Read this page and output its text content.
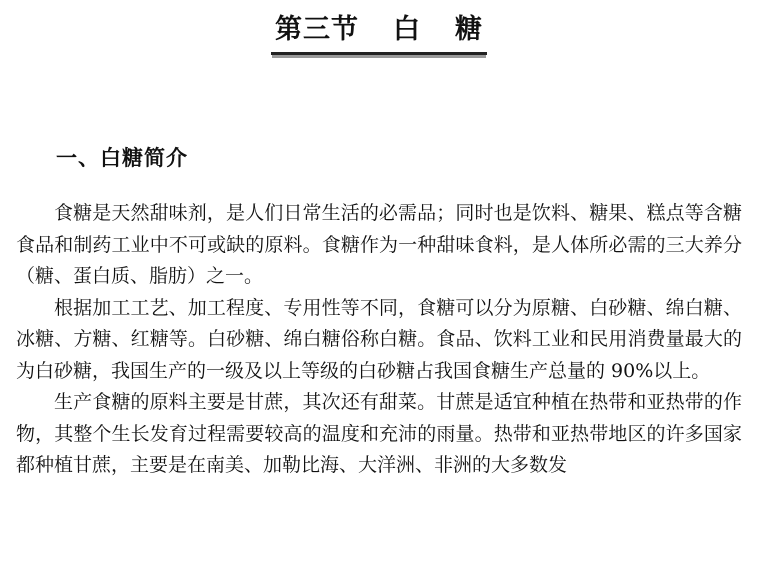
第三节 白 糖
一、白糖简介

食糖是天然甜味剂，是人们日常生活的必需品；同时也是饮料、糖果、糕点等含糖食品和制药工业中不可或缺的原料。食糖作为一种甜味食料，是人体所必需的三大养分（糖、蛋白质、脂肪）之一。

根据加工工艺、加工程度、专用性等不同，食糖可以分为原糖、白砂糖、绵白糖、冰糖、方糖、红糖等。白砂糖、绵白糖俗称白糖。食品、饮料工业和民用消费量最大的为白砂糖，我国生产的一级及以上等级的白砂糖占我国食糖生产总量的 90%以上。

生产食糖的原料主要是甘蔗，其次还有甜菜。甘蔗是适宜种植在热带和亚热带的作物，其整个生长发育过程需要较高的温度和充沛的雨量。热带和亚热带地区的许多国家都种植甘蔗，主要是在南美、加勒比海、大洋洲、非洲的大多数发
